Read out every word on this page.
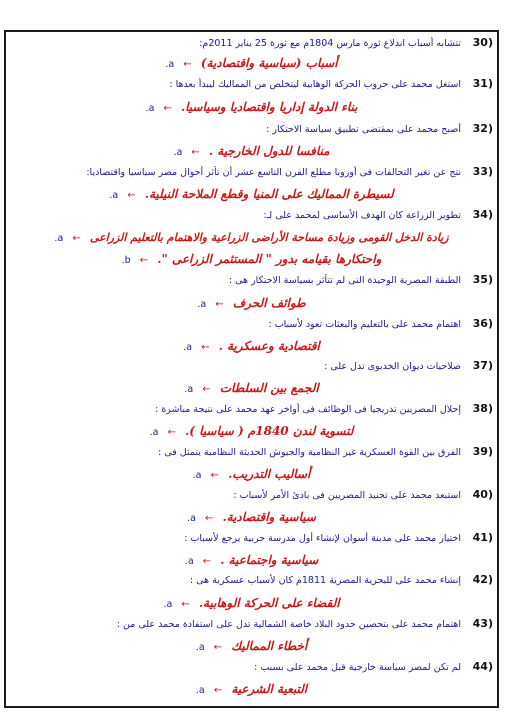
30)
تتشابه أسباب اندلاع ثورة مارس 1804م مع ثورة 25 يناير 2011م:
أسباب (سياسية واقتصادية) ← a.
31)
استغل محمد على حروب الحركة الوهابية ليتخلص من المماليك ليبدأ بعدها :
بناء الدولة إداريا واقتصاديا وسياسيا. ← a.
32)
أصبح محمد على بمقتضى تطبيق سياسة الاحتكار :
منافسا للدول الخارجية . ← a.
33)
نتج عن تغير التحالفات فى أوروبا مطلع القرن التاسع عشر أن تأثر أحوال مصر سياسيا واقتصاديا:
لسيطرة المماليك على المنيا وقطع الملاحة النيلية. ← a.
34)
تطوير الزراعة كان الهدف الأساسى لمحمد على لـ:
زيادة الدخل القومى وزيادة مساحة الأراضى الزراعية والاهتمام بالتعليم الزراعى ← a.
واحتكارها بقيامه بدور " المستثمر الزراعى ". ← b.
35)
الطبقة المصرية الوحيدة التى لم تتأثر بسياسة الاحتكار هى :
طوائف الحرف ← a.
36)
اهتمام محمد على بالتعليم والبعثات تعود لأسباب :
اقتصادية وعسكرية . ← a.
37)
صلاحيات ديوان الخديوى تدل على :
الجمع بين السلطات ← a.
38)
إحلال المصريين تدريجيا فى الوظائف فى أواخر عهد محمد على نتيجة مباشرة :
لتسوية لندن 1840م ( سياسيا ). ← a.
39)
الفرق بين القوة العسكرية غير النظامية والجيوش الحديثة النظامية يتمثل فى :
أساليب التدريب. ← a.
40)
استبعد محمد على تجنيد المصريين فى بادئ الأمر لأسباب :
سياسية واقتصادية. ← a.
41)
اختيار محمد على مدينة أسوان لإنشاء أول مدرسة حربية يرجع لأسباب :
سياسية واجتماعية . ← a.
42)
إنشاء محمد على للبحرية المصرية 1811م كان لأسباب عسكرية هى :
القضاء على الحركة الوهابية. ← a.
43)
اهتمام محمد على بتحصين حدود البلاد خاصة الشمالية تدل على استفادة محمد على من :
أخطاء المماليك ← a.
44)
لم تكن لمصر سياسة خارجية قبل محمد على بسبب :
التبعية الشرعية ← a.
